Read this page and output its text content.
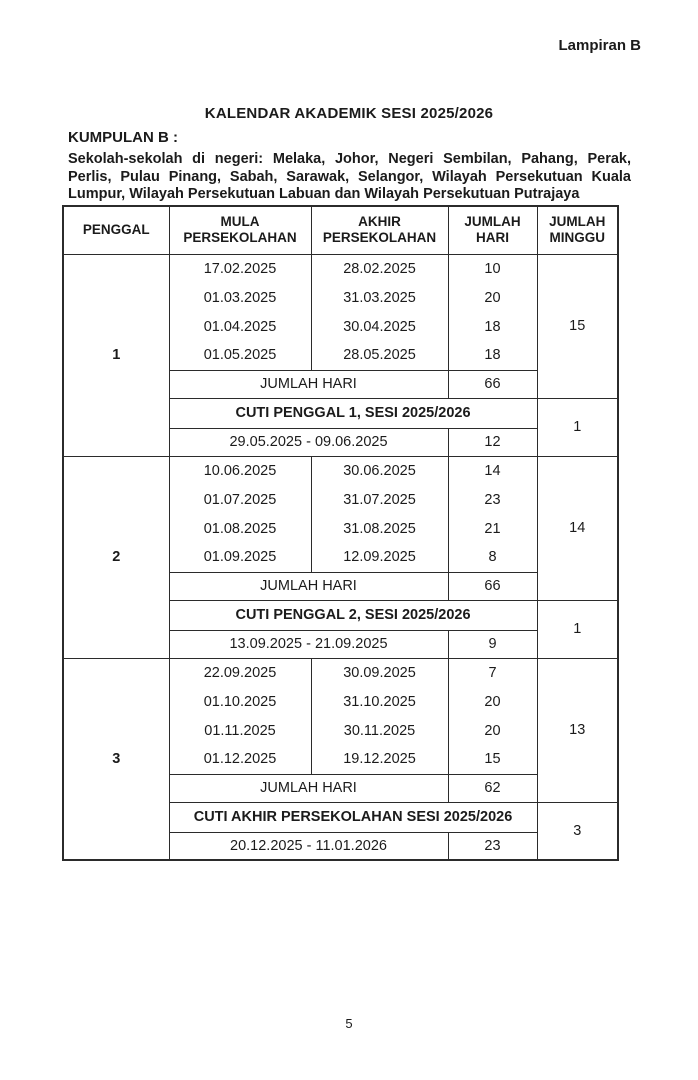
Lampiran B
KALENDAR AKADEMIK SESI 2025/2026
KUMPULAN B :

Sekolah-sekolah di negeri: Melaka, Johor, Negeri Sembilan, Pahang, Perak, Perlis, Pulau Pinang, Sabah, Sarawak, Selangor, Wilayah Persekutuan Kuala Lumpur, Wilayah Persekutuan Labuan dan Wilayah Persekutuan Putrajaya

PENGGAL	MULA PERSEKOLAHAN	AKHIR PERSEKOLAHAN	JUMLAH HARI	JUMLAH MINGGU
1	17.02.2025	28.02.2025	10	15
	01.03.2025	31.03.2025	20	
	01.04.2025	30.04.2025	18	
	01.05.2025	28.05.2025	18	
	JUMLAH HARI		66	
	CUTI PENGGAL 1, SESI 2025/2026			1
	29.05.2025 - 09.06.2025		12	
2	10.06.2025	30.06.2025	14	14
	01.07.2025	31.07.2025	23	
	01.08.2025	31.08.2025	21	
	01.09.2025	12.09.2025	8	
	JUMLAH HARI		66	
	CUTI PENGGAL 2, SESI 2025/2026			1
	13.09.2025 - 21.09.2025		9	
3	22.09.2025	30.09.2025	7	13
	01.10.2025	31.10.2025	20	
	01.11.2025	30.11.2025	20	
	01.12.2025	19.12.2025	15	
	JUMLAH HARI		62	
	CUTI AKHIR PERSEKOLAHAN SESI 2025/2026			3
	20.12.2025 - 11.01.2026		23	
5
